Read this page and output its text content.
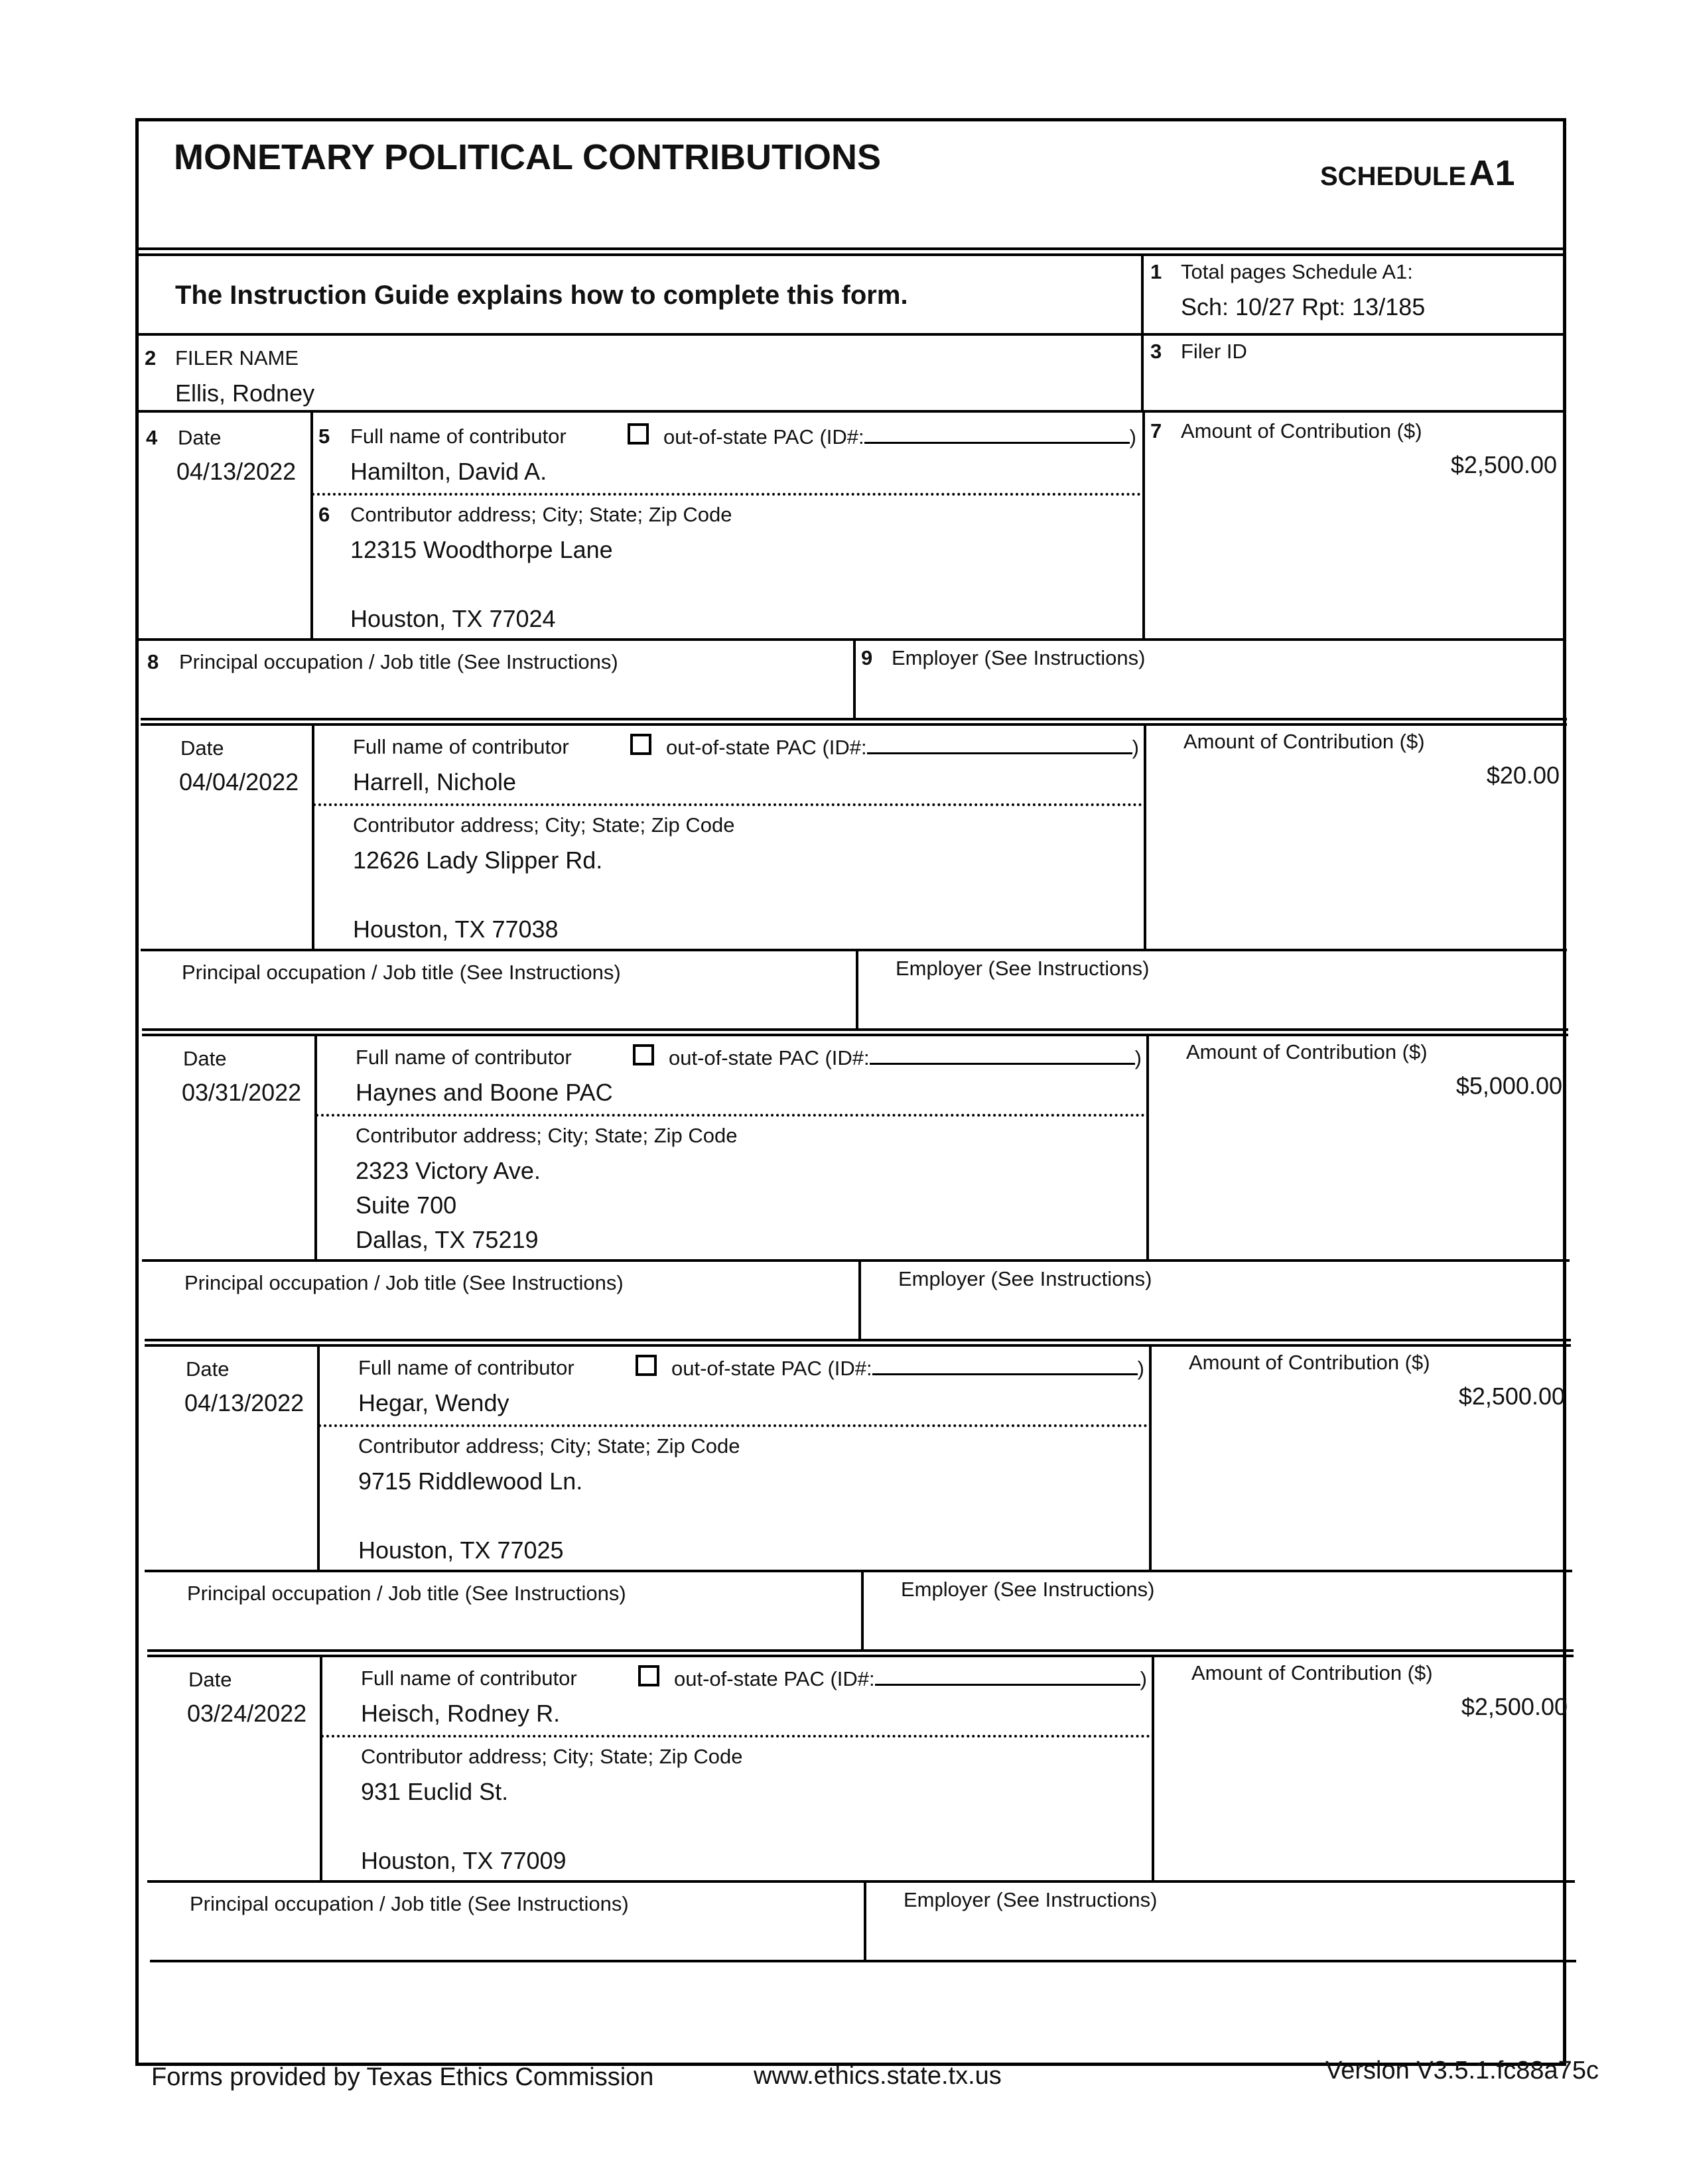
MONETARY POLITICAL CONTRIBUTIONS	SCHEDULE A1
The Instruction Guide explains how to complete this form.
1 Total pages Schedule A1:
Sch: 10/27 Rpt: 13/185
2 FILER NAME
Ellis, Rodney
3 Filer ID
4 Date
04/13/2022
5 Full name of contributor	out-of-state PAC (ID#:	)
Hamilton, David A.
6 Contributor address; City; State; Zip Code
12315 Woodthorpe Lane
Houston, TX 77024
7 Amount of Contribution ($)
$2,500.00
8 Principal occupation / Job title (See Instructions)	9 Employer (See Instructions)
Date
04/04/2022
Full name of contributor	out-of-state PAC (ID#:	)
Harrell, Nichole
Contributor address; City; State; Zip Code
12626 Lady Slipper Rd.
Houston, TX 77038
Amount of Contribution ($)
$20.00
Principal occupation / Job title (See Instructions)	Employer (See Instructions)
Date
03/31/2022
Full name of contributor	out-of-state PAC (ID#:	)
Haynes and Boone PAC
Contributor address; City; State; Zip Code
2323 Victory Ave.
Suite 700
Dallas, TX 75219
Amount of Contribution ($)
$5,000.00
Principal occupation / Job title (See Instructions)	Employer (See Instructions)
Date
04/13/2022
Full name of contributor	out-of-state PAC (ID#:	)
Hegar, Wendy
Contributor address; City; State; Zip Code
9715 Riddlewood Ln.
Houston, TX 77025
Amount of Contribution ($)
$2,500.00
Principal occupation / Job title (See Instructions)	Employer (See Instructions)
Date
03/24/2022
Full name of contributor	out-of-state PAC (ID#:	)
Heisch, Rodney R.
Contributor address; City; State; Zip Code
931 Euclid St.
Houston, TX 77009
Amount of Contribution ($)
$2,500.00
Principal occupation / Job title (See Instructions)	Employer (See Instructions)
Forms provided by Texas Ethics Commission	www.ethics.state.tx.us	Version V3.5.1.fc88a75c
